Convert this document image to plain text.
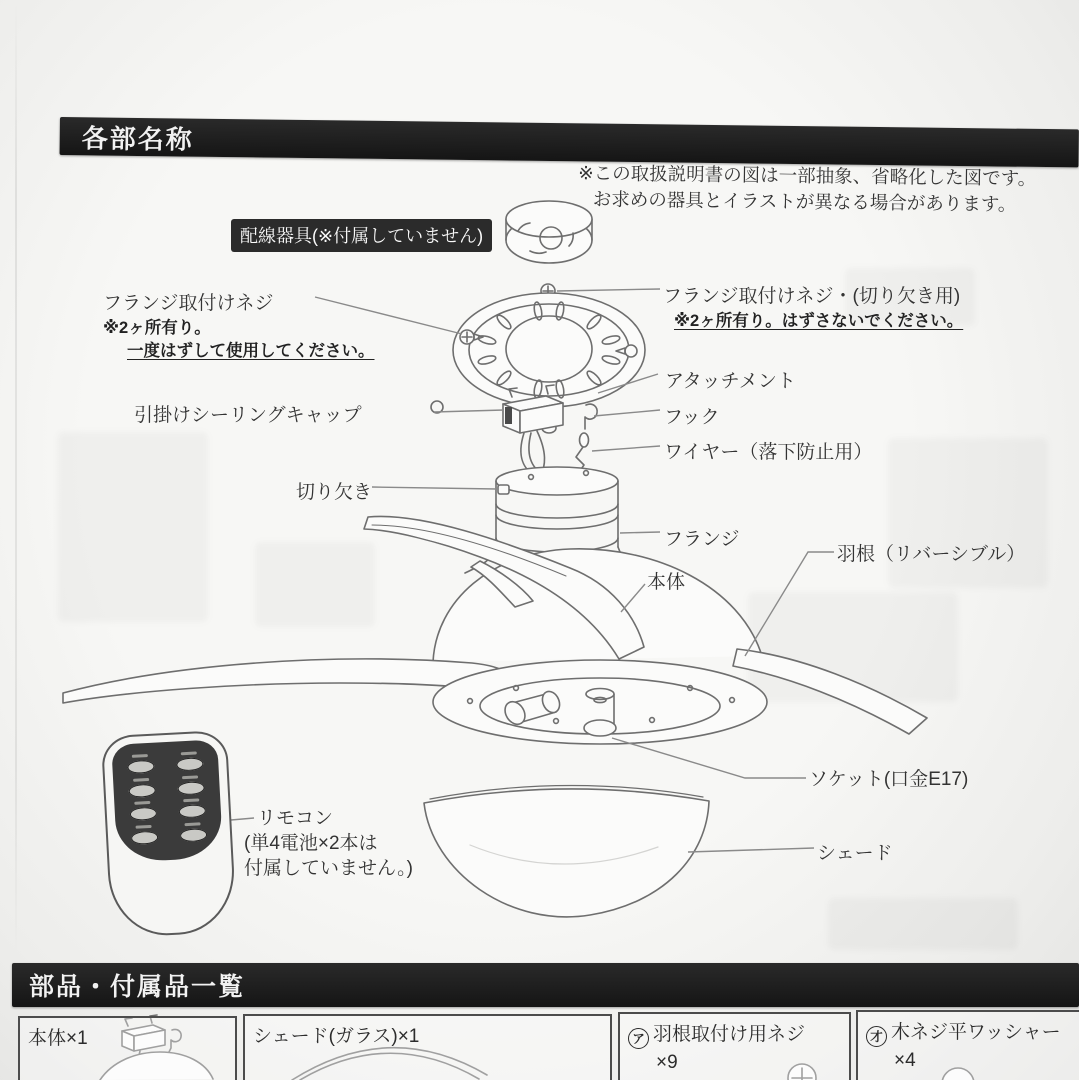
各部名称
部品・付属品一覧
※この取扱説明書の図は一部抽象、省略化した図です。
お求めの器具とイラストが異なる場合があります。
配線器具(※付属していません)
フランジ取付けネジ
※2ヶ所有り。
一度はずして使用してください。
フランジ取付けネジ・(切り欠き用)
※2ヶ所有り。はずさないでください。
アタッチメント
引掛けシーリングキャップ	フック
ワイヤー（落下防止用）
切り欠き
フランジ
本体
羽根（リバーシブル）
ソケット(口金E17)
シェード
リモコン
(単4電池×2本は
付属していません。)
本体×1	シェード(ガラス)×1	ア 羽根取付け用ネジ
×9
才 木ネジ平ワッシャー
×4
